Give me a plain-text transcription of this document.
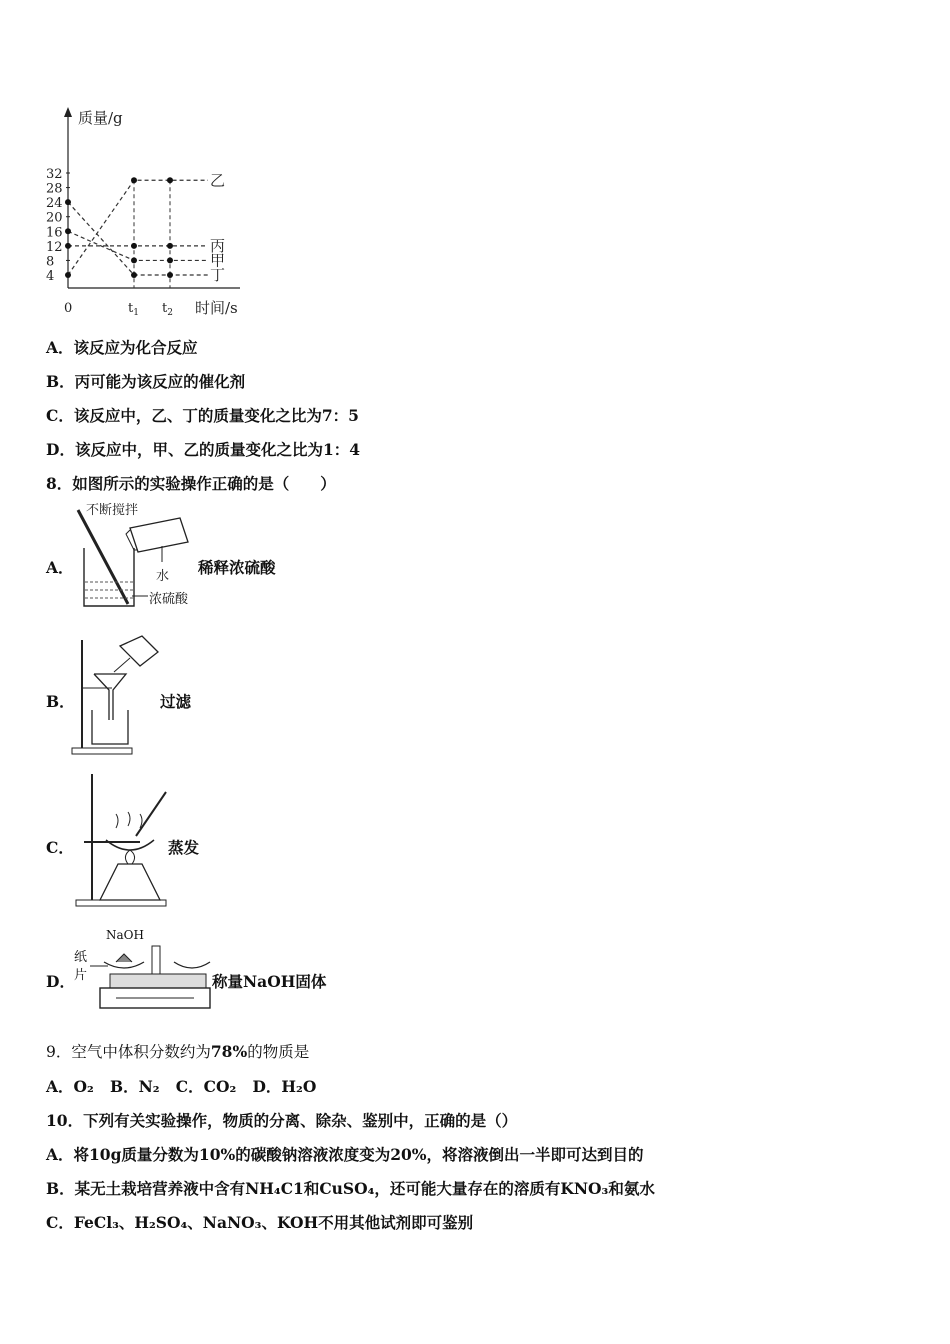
质量/g
时间/s
0	$t_1$ $t_2$
4
8
12
16
20
24
28
32	乙
丙
甲
丁
A．该反应为化合反应
B．丙可能为该反应的催化剂
C．该反应中，乙、丁的质量变化之比为7：5
D．该反应中，甲、乙的质量变化之比为1：4
8．如图所示的实验操作正确的是（　　）
A．
不断搅拌
水
浓硫酸
稀释浓硫酸
B．	过滤
C．	蒸发
D．
NaOH
纸
片	称量NaOH固体
9．空气中体积分数约为78%的物质是
A．O₂ B．N₂ C．CO₂ D．H₂O
10．下列有关实验操作，物质的分离、除杂、鉴别中，正确的是（）
A．将10g质量分数为10%的碳酸钠溶液浓度变为20%，将溶液倒出一半即可达到目的
B．某无土栽培营养液中含有NH₄C1和CuSO₄，还可能大量存在的溶质有KNO₃和氨水
C．FeCl₃、H₂SO₄、NaNO₃、KOH不用其他试剂即可鉴别
